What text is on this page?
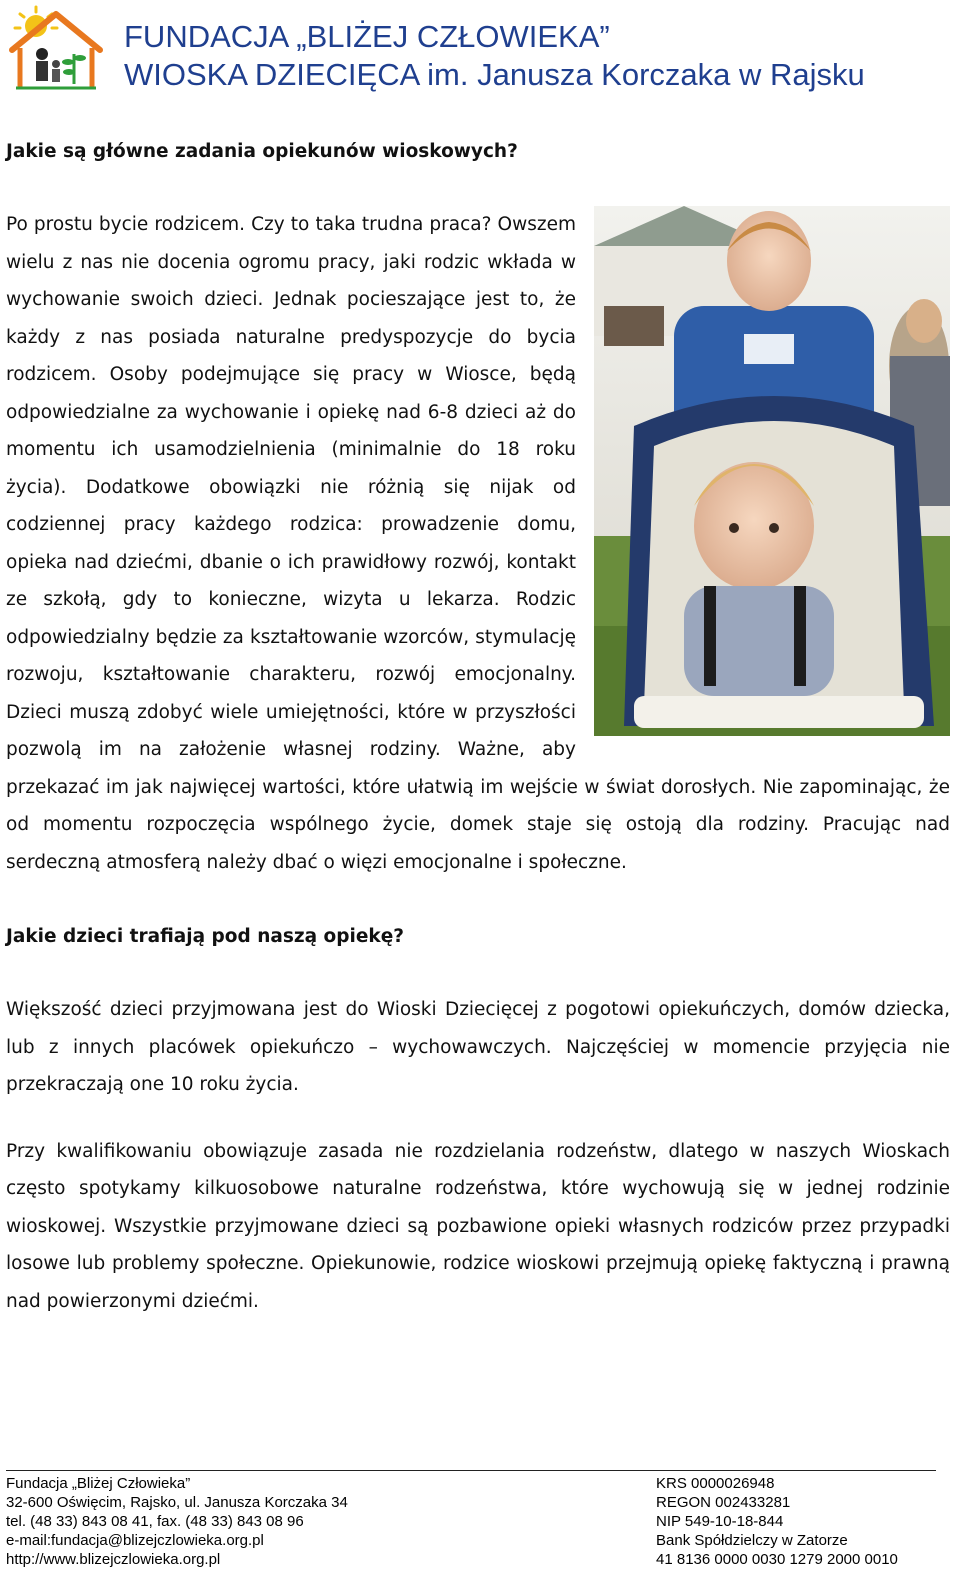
FUNDACJA „BLIŻEJ CZŁOWIEKA”
WIOSKA DZIECIĘCA im. Janusza Korczaka w Rajsku
Jakie są główne zadania opiekunów wioskowych?

Po prostu bycie rodzicem. Czy to taka trudna praca? Owszem wielu z nas nie docenia ogromu pracy, jaki rodzic wkłada w wychowanie swoich dzieci. Jednak pocieszające jest to, że każdy z nas posiada naturalne predyspozycje do bycia rodzicem. Osoby podejmujące się pracy w Wiosce, będą odpowiedzialne za wychowanie i opiekę nad 6-8 dzieci aż do momentu ich usamodzielnienia (minimalnie do 18 roku życia). Dodatkowe obowiązki nie różnią się nijak od codziennej pracy każdego rodzica: prowadzenie domu, opieka nad dziećmi, dbanie o ich prawidłowy rozwój, kontakt ze szkołą, gdy to konieczne, wizyta u lekarza. Rodzic odpowiedzialny będzie za kształtowanie wzorców, stymulację rozwoju, kształtowanie charakteru, rozwój emocjonalny. Dzieci muszą zdobyć wiele umiejętności, które w przyszłości pozwolą im na założenie własnej rodziny. Ważne, aby przekazać im jak najwięcej wartości, które ułatwią im wejście w świat dorosłych. Nie zapominając, że od momentu rozpoczęcia wspólnego życie, domek staje się ostoją dla rodziny. Pracując nad serdeczną atmosferą należy dbać o więzi emocjonalne i społeczne.

Jakie dzieci trafiają pod naszą opiekę?

Większość dzieci przyjmowana jest do Wioski Dziecięcej z pogotowi opiekuńczych, domów dziecka, lub z innych placówek opiekuńczo – wychowawczych. Najczęściej w momencie przyjęcia nie przekraczają one 10 roku życia.

Przy kwalifikowaniu obowiązuje zasada nie rozdzielania rodzeństw, dlatego w naszych Wioskach często spotykamy kilkuosobowe naturalne rodzeństwa, które wychowują się w jednej rodzinie wioskowej. Wszystkie przyjmowane dzieci są pozbawione opieki własnych rodziców przez przypadki losowe lub problemy społeczne. Opiekunowie, rodzice wioskowi przejmują opiekę faktyczną i prawną nad powierzonymi dziećmi.

Fundacja „Bliżej Człowieka”
32-600 Oświęcim, Rajsko, ul. Janusza Korczaka 34
tel. (48 33) 843 08 41, fax. (48 33) 843 08 96
e-mail:fundacja@blizejczlowieka.org.pl
http://www.blizejczlowieka.org.pl
KRS 0000026948
REGON 002433281
NIP 549-10-18-844
Bank Spółdzielczy w Zatorze
41 8136 0000 0030 1279 2000 0010
